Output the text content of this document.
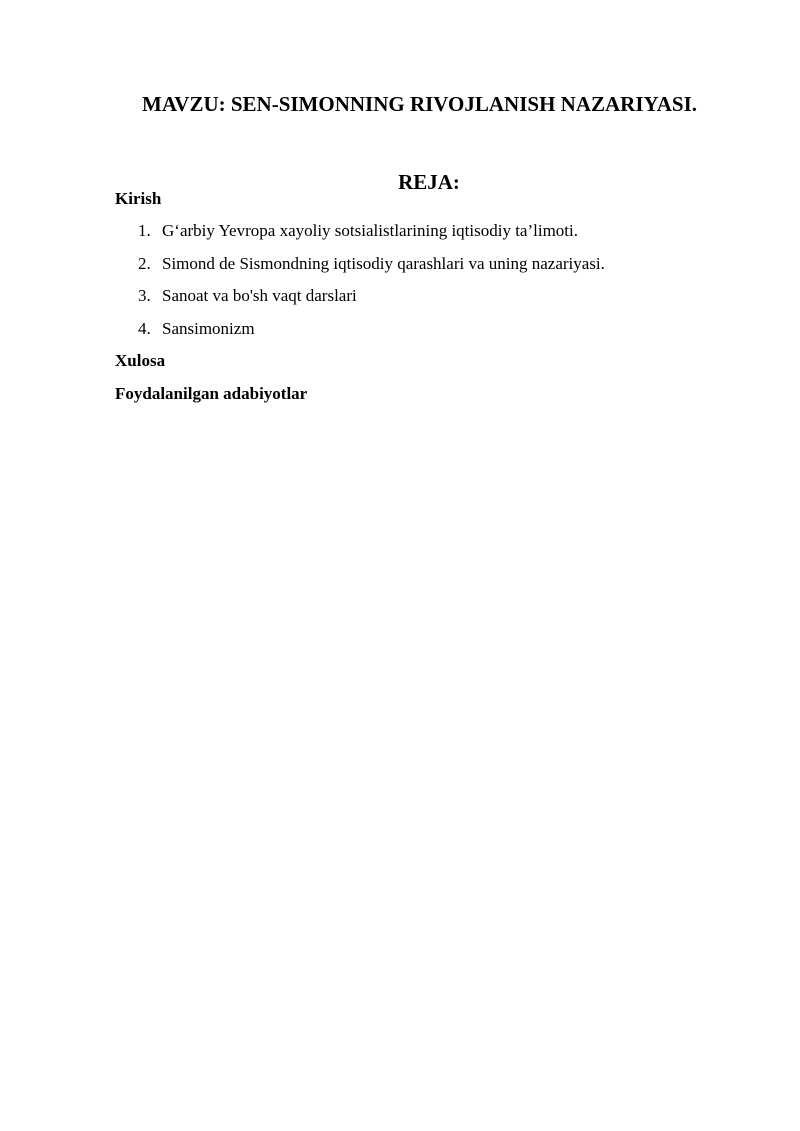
MAVZU: SEN-SIMONNING RIVOJLANISH NAZARIYASI.
REJA:
Kirish
1. G‘arbiy Yevropa xayoliy sotsialistlarining iqtisodiy ta’limoti.
2. Simond de Sismondning iqtisodiy qarashlari va uning nazariyasi.
3. Sanoat va bo'sh vaqt darslari
4. Sansimonizm
Xulosa
Foydalanilgan adabiyotlar
